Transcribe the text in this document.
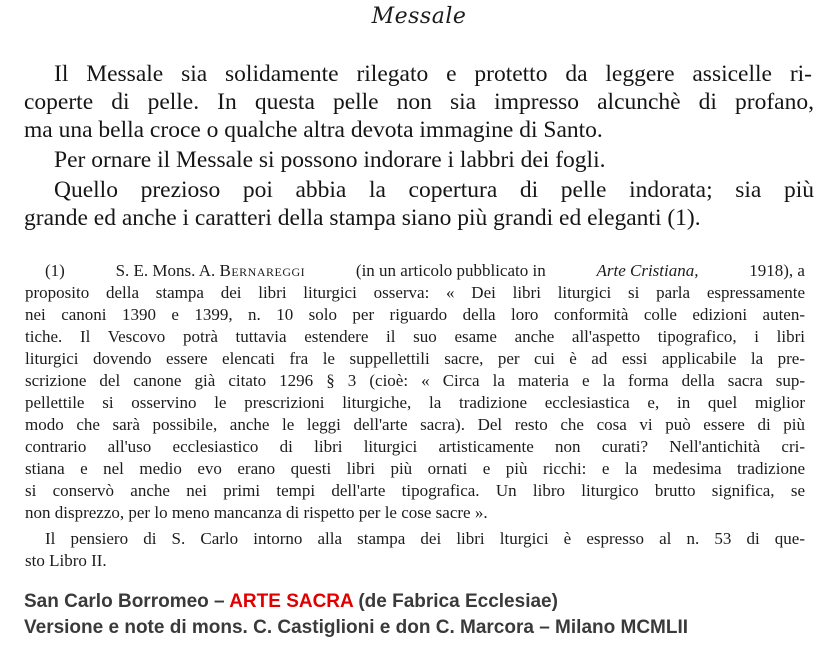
Messale
Il Messale sia solidamente rilegato e protetto da leggere assicelle ri-
coperte di pelle. In questa pelle non sia impresso alcunchè di profano,
ma una bella croce o qualche altra devota immagine di Santo.
Per ornare il Messale si possono indorare i labbri dei fogli.
Quello prezioso poi abbia la copertura di pelle indorata; sia più
grande ed anche i caratteri della stampa siano più grandi ed eleganti (1).
(1)	S. E. Mons. A. Bernareggi	(in un articolo pubblicato in	Arte Cristiana,	1918), a
proposito della stampa dei libri liturgici osserva: « Dei libri liturgici si parla espressamente
nei canoni 1390 e 1399, n. 10 solo per riguardo della loro conformità colle edizioni auten-
tiche. Il Vescovo potrà tuttavia estendere il suo esame anche all'aspetto tipografico, i libri
liturgici dovendo essere elencati fra le suppellettili sacre, per cui è ad essi applicabile la pre-
scrizione del canone già citato 1296 § 3 (cioè: « Circa la materia e la forma della sacra sup-
pellettile si osservino le prescrizioni liturgiche, la tradizione ecclesiastica e, in quel miglior
modo che sarà possibile, anche le leggi dell'arte sacra). Del resto che cosa vi può essere di più
contrario all'uso ecclesiastico di libri liturgici artisticamente non curati? Nell'antichità cri-
stiana e nel medio evo erano questi libri più ornati e più ricchi: e la medesima tradizione
si conservò anche nei primi tempi dell'arte tipografica. Un libro liturgico brutto significa, se
non disprezzo, per lo meno mancanza di rispetto per le cose sacre ».
Il pensiero di S. Carlo intorno alla stampa dei libri lturgici è espresso al n. 53 di que-
sto Libro II.
San Carlo Borromeo – ARTE SACRA (de Fabrica Ecclesiae)
Versione e note di mons. C. Castiglioni e don C. Marcora – Milano MCMLII
